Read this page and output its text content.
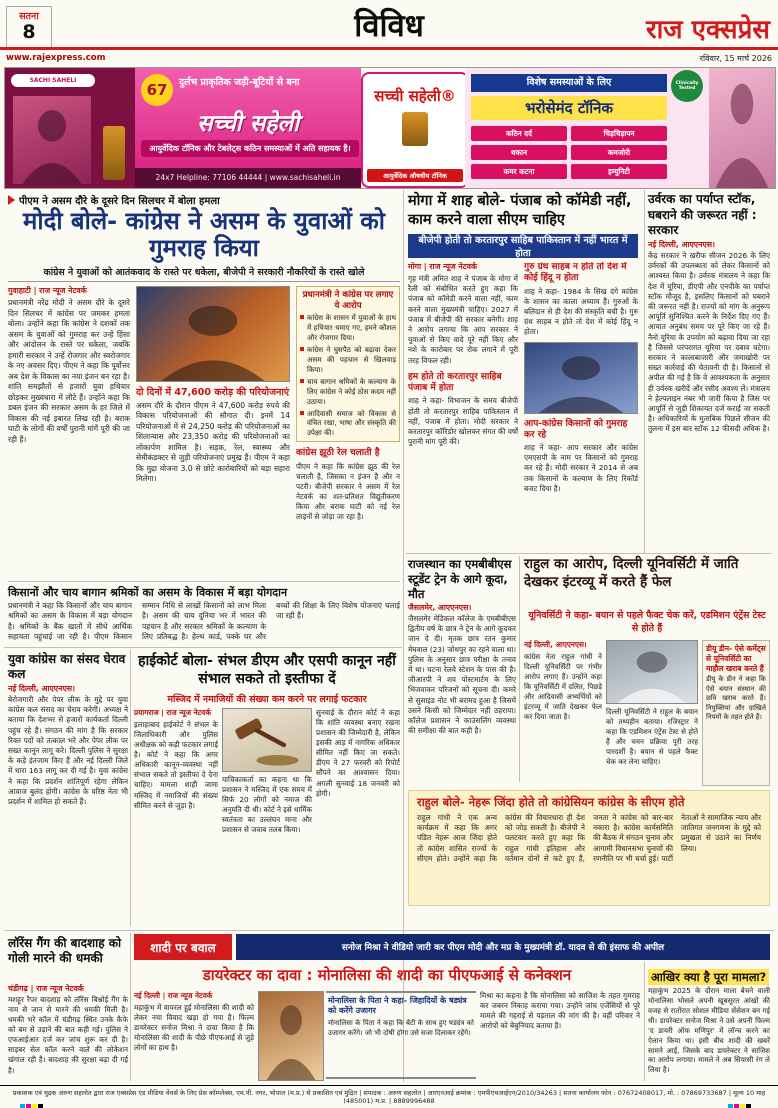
सतना
8	विविध	राज एक्सप्रेस
www.rajexpress.com	रविवार, 15 मार्च 2026
SACHI SAHELI
67	दुर्लभ प्राकृतिक जड़ी-बूटियों से बना
सच्ची सहेली
आयुर्वेदिक टॉनिक और टेबलेट्स कठिन समस्याओं में अति सहायक है।
24x7 Helpline: 77106 44444 | www.sachisaheli.in
सच्ची सहेली®
आयुर्वेदिक औषधीय टॉनिक
विशेष समस्याओं के लिए	Clinically Tested
भरोसेमंद टॉनिक
कठिन दर्द	चिड़चिड़ापन
थकान	कमजोरी
कमर कटना	इम्युनिटी
पीएम ने असम दौरे के दूसरे दिन सिलचर में बोला हमला
मोदी बोले- कांग्रेस ने असम के युवाओं को गुमराह किया
कांग्रेस ने युवाओं को आतंकवाद के रास्ते पर धकेला, बीजेपी ने सरकारी नौकरियों के रास्ते खोले
गुवाहाटी | राज न्यूज नेटवर्क
प्रधानमंत्री नरेंद्र मोदी ने असम दौरे के दूसरे दिन सिलचर में कांग्रेस पर जमकर हमला बोला। उन्होंने कहा कि कांग्रेस ने दशकों तक असम के युवाओं को गुमराह कर उन्हें हिंसा और आंदोलन के रास्ते पर धकेला, जबकि हमारी सरकार ने उन्हें रोजगार और स्वरोजगार के नए अवसर दिए। पीएम ने कहा कि पूर्वोत्तर अब देश के विकास का नया इंजन बन रहा है। शांति समझौतों से हजारों युवा हथियार छोड़कर मुख्यधारा में लौटे हैं। उन्होंने कहा कि डबल इंजन की सरकार असम के हर जिले में विकास की नई इबारत लिख रही है। बराक घाटी के लोगों की वर्षों पुरानी मांगें पूरी की जा रही हैं।
दो दिनों में 47,600 करोड़ की परियोजनाएं
असम दौरे के दौरान पीएम ने 47,600 करोड़ रुपये की विकास परियोजनाओं की सौगात दी। इनमें 14 परियोजनाओं में से 24,250 करोड़ की परियोजनाओं का शिलान्यास और 23,350 करोड़ की परियोजनाओं का लोकार्पण शामिल है। सड़क, रेल, स्वास्थ्य और सेमीकंडक्टर से जुड़ी परियोजनाएं प्रमुख हैं। पीएम ने कहा कि मुद्रा योजना 3.0 से छोटे कारोबारियों को बड़ा सहारा मिलेगा।
प्रधानमंत्री ने कांग्रेस पर लगाए ये आरोप
कांग्रेस के शासन में युवाओं के हाथ में हथियार थमाए गए, हमने कौशल और रोजगार दिया।
कांग्रेस ने घुसपैठ को बढ़ावा देकर असम की पहचान से खिलवाड़ किया।
चाय बागान श्रमिकों के कल्याण के लिए कांग्रेस ने कोई ठोस कदम नहीं उठाया।
आदिवासी समाज को विकास से वंचित रखा, भाषा और संस्कृति की उपेक्षा की।
कांग्रेस झूठी रेल चलाती है
पीएम ने कहा कि कांग्रेस झूठ की रेल चलाती है, जिसका न इंजन है और न पटरी। बीजेपी सरकार ने असम में रेल नेटवर्क का शत-प्रतिशत विद्युतीकरण किया और बराक घाटी को नई रेल लाइनों से जोड़ा जा रहा है।
किसानों और चाय बागान श्रमिकों का असम के विकास में बड़ा योगदान
प्रधानमंत्री ने कहा कि किसानों और चाय बागान श्रमिकों का असम के विकास में बड़ा योगदान है। श्रमिकों के बैंक खातों में सीधे आर्थिक सहायता पहुंचाई जा रही है। पीएम किसान सम्मान निधि से लाखों किसानों को लाभ मिला है। असम की चाय दुनिया भर में भारत की पहचान है और सरकार श्रमिकों के कल्याण के लिए प्रतिबद्ध है। हेल्थ कार्ड, पक्के घर और बच्चों की शिक्षा के लिए विशेष योजनाएं चलाई जा रही हैं।
मोगा में शाह बोले- पंजाब को कॉमेडी नहीं, काम करने वाला सीएम चाहिए
बीजेपी होती तो करतारपुर साहिब पाकिस्तान में नहीं भारत में होता
मोगा | राज न्यूज नेटवर्क
गृह मंत्री अमित शाह ने पंजाब के मोगा में रैली को संबोधित करते हुए कहा कि पंजाब को कॉमेडी करने वाला नहीं, काम करने वाला मुख्यमंत्री चाहिए। 2027 में पंजाब में बीजेपी की सरकार बनेगी। शाह ने आरोप लगाया कि आप सरकार ने युवाओं से किए वादे पूरे नहीं किए और नशे के कारोबार पर रोक लगाने में पूरी तरह विफल रही।
हम होते तो करतारपुर साहिब पंजाब में होता
शाह ने कहा- विभाजन के समय बीजेपी होती तो करतारपुर साहिब पाकिस्तान में नहीं, पंजाब में होता। मोदी सरकार ने करतारपुर कॉरिडोर खोलकर संगत की वर्षों पुरानी मांग पूरी की।
गुरु ग्रंथ साहब न होते तो देश में कोई हिंदू न होता
शाह ने कहा- 1984 के सिख दंगे कांग्रेस के शासन का काला अध्याय हैं। गुरुओं के बलिदान से ही देश की संस्कृति बची है। गुरु ग्रंथ साहब न होते तो देश में कोई हिंदू न होता।
आप-कांग्रेस किसानों को गुमराह कर रहे
शाह ने कहा- आप सरकार और कांग्रेस एमएसपी के नाम पर किसानों को गुमराह कर रहे हैं। मोदी सरकार ने 2014 से अब तक किसानों के कल्याण के लिए रिकॉर्ड बजट दिया है।
उर्वरक का पर्याप्त स्टॉक, घबराने की जरूरत नहीं : सरकार
नई दिल्ली, आएएनएस।
केंद्र सरकार ने खरीफ सीजन 2026 के लिए उर्वरकों की उपलब्धता को लेकर किसानों को आश्वस्त किया है। उर्वरक मंत्रालय ने कहा कि देश में यूरिया, डीएपी और एनपीके का पर्याप्त स्टॉक मौजूद है, इसलिए किसानों को घबराने की जरूरत नहीं है। राज्यों को मांग के अनुरूप आपूर्ति सुनिश्चित करने के निर्देश दिए गए हैं। आयात अनुबंध समय पर पूरे किए जा रहे हैं। नैनो यूरिया के उपयोग को बढ़ावा दिया जा रहा है जिससे परंपरागत यूरिया पर दबाव घटेगा। सरकार ने कालाबाजारी और जमाखोरी पर सख्त कार्रवाई की चेतावनी दी है। किसानों से अपील की गई है कि वे आवश्यकता के अनुसार ही उर्वरक खरीदें और रसीद अवश्य लें। मंत्रालय ने हेल्पलाइन नंबर भी जारी किया है जिस पर आपूर्ति से जुड़ी शिकायत दर्ज कराई जा सकती है। अधिकारियों के मुताबिक पिछले सीजन की तुलना में इस बार स्टॉक 12 फीसदी अधिक है।
राजस्थान का एमबीबीएस स्टूडेंट ट्रेन के आगे कूदा, मौत
जैसलमेर, आएएनएस।
जैसलमेर मेडिकल कॉलेज के एमबीबीएस द्वितीय वर्ष के छात्र ने ट्रेन के आगे कूदकर जान दे दी। मृतक छात्र रतन कुमार मेघवाल (23) जोधपुर का रहने वाला था। पुलिस के अनुसार छात्र परीक्षा के तनाव में था। घटना रेलवे स्टेशन के पास की है। जीआरपी ने शव पोस्टमार्टम के लिए भिजवाकर परिजनों को सूचना दी। कमरे से सुसाइड नोट भी बरामद हुआ है जिसमें उसने किसी को जिम्मेदार नहीं ठहराया। कॉलेज प्रशासन ने काउंसलिंग व्यवस्था की समीक्षा की बात कही है।
राहुल का आरोप, दिल्ली यूनिवर्सिटी में जाति देखकर इंटरव्यू में करते हैं फेल
यूनिवर्सिटी ने कहा- बयान से पहले फैक्ट चेक करें, एडमिशन एंट्रेंस टेस्ट से होते हैं
नई दिल्ली, आएएनएस।
कांग्रेस नेता राहुल गांधी ने दिल्ली यूनिवर्सिटी पर गंभीर आरोप लगाए हैं। उन्होंने कहा कि यूनिवर्सिटी में दलित, पिछड़े और आदिवासी अभ्यर्थियों को इंटरव्यू में जाति देखकर फेल कर दिया जाता है।
दिल्ली यूनिवर्सिटी ने राहुल के बयान को तथ्यहीन बताया। रजिस्ट्रार ने कहा कि एडमिशन एंट्रेंस टेस्ट से होते हैं और चयन प्रक्रिया पूरी तरह पारदर्शी है। बयान से पहले फैक्ट चेक कर लेना चाहिए।
डीयू डीन- ऐसे कमेंट्स से यूनिवर्सिटी का माहौल खराब करते हैं
डीयू के डीन ने कहा कि ऐसे बयान संस्थान की छवि खराब करते हैं। नियुक्तियां और दाखिले नियमों के तहत होते हैं।
राहुल बोले- नेहरू जिंदा होते तो कांग्रेसियन कांग्रेस के सीएम होते
राहुल गांधी ने एक अन्य कार्यक्रम में कहा कि अगर पंडित नेहरू आज जिंदा होते तो कांग्रेस शासित राज्यों के सीएम होते। उन्होंने कहा कि कांग्रेस की विचारधारा ही देश को जोड़ सकती है। बीजेपी ने पलटवार करते हुए कहा कि राहुल गांधी इतिहास और वर्तमान दोनों से कटे हुए हैं, जनता ने कांग्रेस को बार-बार नकारा है। कांग्रेस कार्यसमिति की बैठक में संगठन चुनाव और आगामी विधानसभा चुनावों की रणनीति पर भी चर्चा हुई। पार्टी नेताओं ने सामाजिक न्याय और जातिगत जनगणना के मुद्दे को प्रमुखता से उठाने का निर्णय लिया।
युवा कांग्रेस का संसद घेराव कल
नई दिल्ली, आएएनएस।
बेरोजगारी और पेपर लीक के मुद्दे पर युवा कांग्रेस कल संसद का घेराव करेगी। अध्यक्ष ने बताया कि देशभर से हजारों कार्यकर्ता दिल्ली पहुंच रहे हैं। संगठन की मांग है कि सरकार रिक्त पदों को तत्काल भरे और पेपर लीक पर सख्त कानून लागू करे। दिल्ली पुलिस ने सुरक्षा के कड़े इंतजाम किए हैं और नई दिल्ली जिले में धारा 163 लागू कर दी गई है। युवा कांग्रेस ने कहा कि प्रदर्शन शांतिपूर्ण रहेगा लेकिन आवाज बुलंद होगी। कांग्रेस के वरिष्ठ नेता भी प्रदर्शन में शामिल हो सकते हैं।
हाईकोर्ट बोला- संभल डीएम और एसपी कानून नहीं संभाल सकते तो इस्तीफा दें
मस्जिद में नमाजियों की संख्या कम करने पर लगाई फटकार
प्रयागराज | राज न्यूज नेटवर्क
इलाहाबाद हाईकोर्ट ने संभल के जिलाधिकारी और पुलिस अधीक्षक को कड़ी फटकार लगाई है। कोर्ट ने कहा कि अगर अधिकारी कानून-व्यवस्था नहीं संभाल सकते तो इस्तीफा दे देना चाहिए। मामला शाही जामा मस्जिद में नमाजियों की संख्या सीमित करने से जुड़ा है।
याचिकाकर्ता का कहना था कि प्रशासन ने मस्जिद में एक समय में सिर्फ 20 लोगों को नमाज की अनुमति दी थी। कोर्ट ने इसे धार्मिक स्वतंत्रता का उल्लंघन माना और प्रशासन से जवाब तलब किया।
सुनवाई के दौरान कोर्ट ने कहा कि शांति व्यवस्था बनाए रखना प्रशासन की जिम्मेदारी है, लेकिन इसकी आड़ में नागरिक अधिकार सीमित नहीं किए जा सकते। डीएम ने 27 फरवरी को रिपोर्ट सौंपने का आश्वासन दिया। अगली सुनवाई 18 जनवरी को होगी।
लॉरेंस गैंग की बादशाह को गोली मारने की धमकी
चंडीगढ़ | राज न्यूज नेटवर्क
मशहूर रैपर बादशाह को लॉरेंस बिश्नोई गैंग के नाम से जान से मारने की धमकी मिली है। धमकी भरे कॉल में चंडीगढ़ स्थित उनके कैफे को बम से उड़ाने की बात कही गई। पुलिस ने एफआईआर दर्ज कर जांच शुरू कर दी है। साइबर सेल कॉल करने वाले की लोकेशन खंगाल रही है। बादशाह की सुरक्षा बढ़ा दी गई है।
शादी पर बवाल	सनोज मिश्रा ने वीडियो जारी कर पीएम मोदी और मप्र के मुख्यमंत्री डॉ. यादव से की इंसाफ की अपील
डायरेक्टर का दावा : मोनालिसा की शादी का पीएफआई से कनेक्शन
नई दिल्ली | राज न्यूज नेटवर्क
महाकुंभ में वायरल हुई मोनालिसा की शादी को लेकर नया विवाद खड़ा हो गया है। फिल्म डायरेक्टर सनोज मिश्रा ने दावा किया है कि मोनालिसा की शादी के पीछे पीएफआई से जुड़े लोगों का हाथ है।
मोनालिसा के पिता ने कहा- जिहादियों के षड्यंत्र को करेंगे उजागर
मोनालिसा के पिता ने कहा कि बेटी के साथ हुए षड्यंत्र को उजागर करेंगे। जो भी दोषी होगा उसे सजा दिलाकर रहेंगे।
मिश्रा का कहना है कि मोनालिसा को साजिश के तहत गुमराह कर जबरन निकाह कराया गया। उन्होंने जांच एजेंसियों से पूरे मामले की गहराई से पड़ताल की मांग की है। वहीं परिवार ने आरोपों को बेबुनियाद बताया है।
आखिर क्या है पूरा मामला?
महाकुंभ 2025 के दौरान माला बेचने वाली मोनालिसा भोसले अपनी खूबसूरत आंखों की वजह से रातोंरात सोशल मीडिया सेंसेशन बन गई थी। डायरेक्टर सनोज मिश्रा ने उसे अपनी फिल्म 'द डायरी ऑफ मणिपुर' में लॉन्च करने का ऐलान किया था। इसी बीच शादी की खबरें सामने आईं, जिसके बाद डायरेक्टर ने साजिश का आरोप लगाया। मामले ने अब सियासी रंग ले लिया है।
प्रकाशक एवं मुद्रक अरुण सहलोत द्वारा राज एक्सप्रेस एंड मीडिया वेंचर्स के लिए प्रेस कॉम्प्लेक्स, एम.पी. नगर, भोपाल (म.प्र.) से प्रकाशित एवं मुद्रित | संपादक : अरुण सहलोत | आरएनआई क्रमांक : एमपीएचआईएन/2010/34263 | सतना कार्यालय फोन : 07672408017, मो. : 07869733687 | मूल्य 10 माह (485001) म.प्र. | 8889996488
